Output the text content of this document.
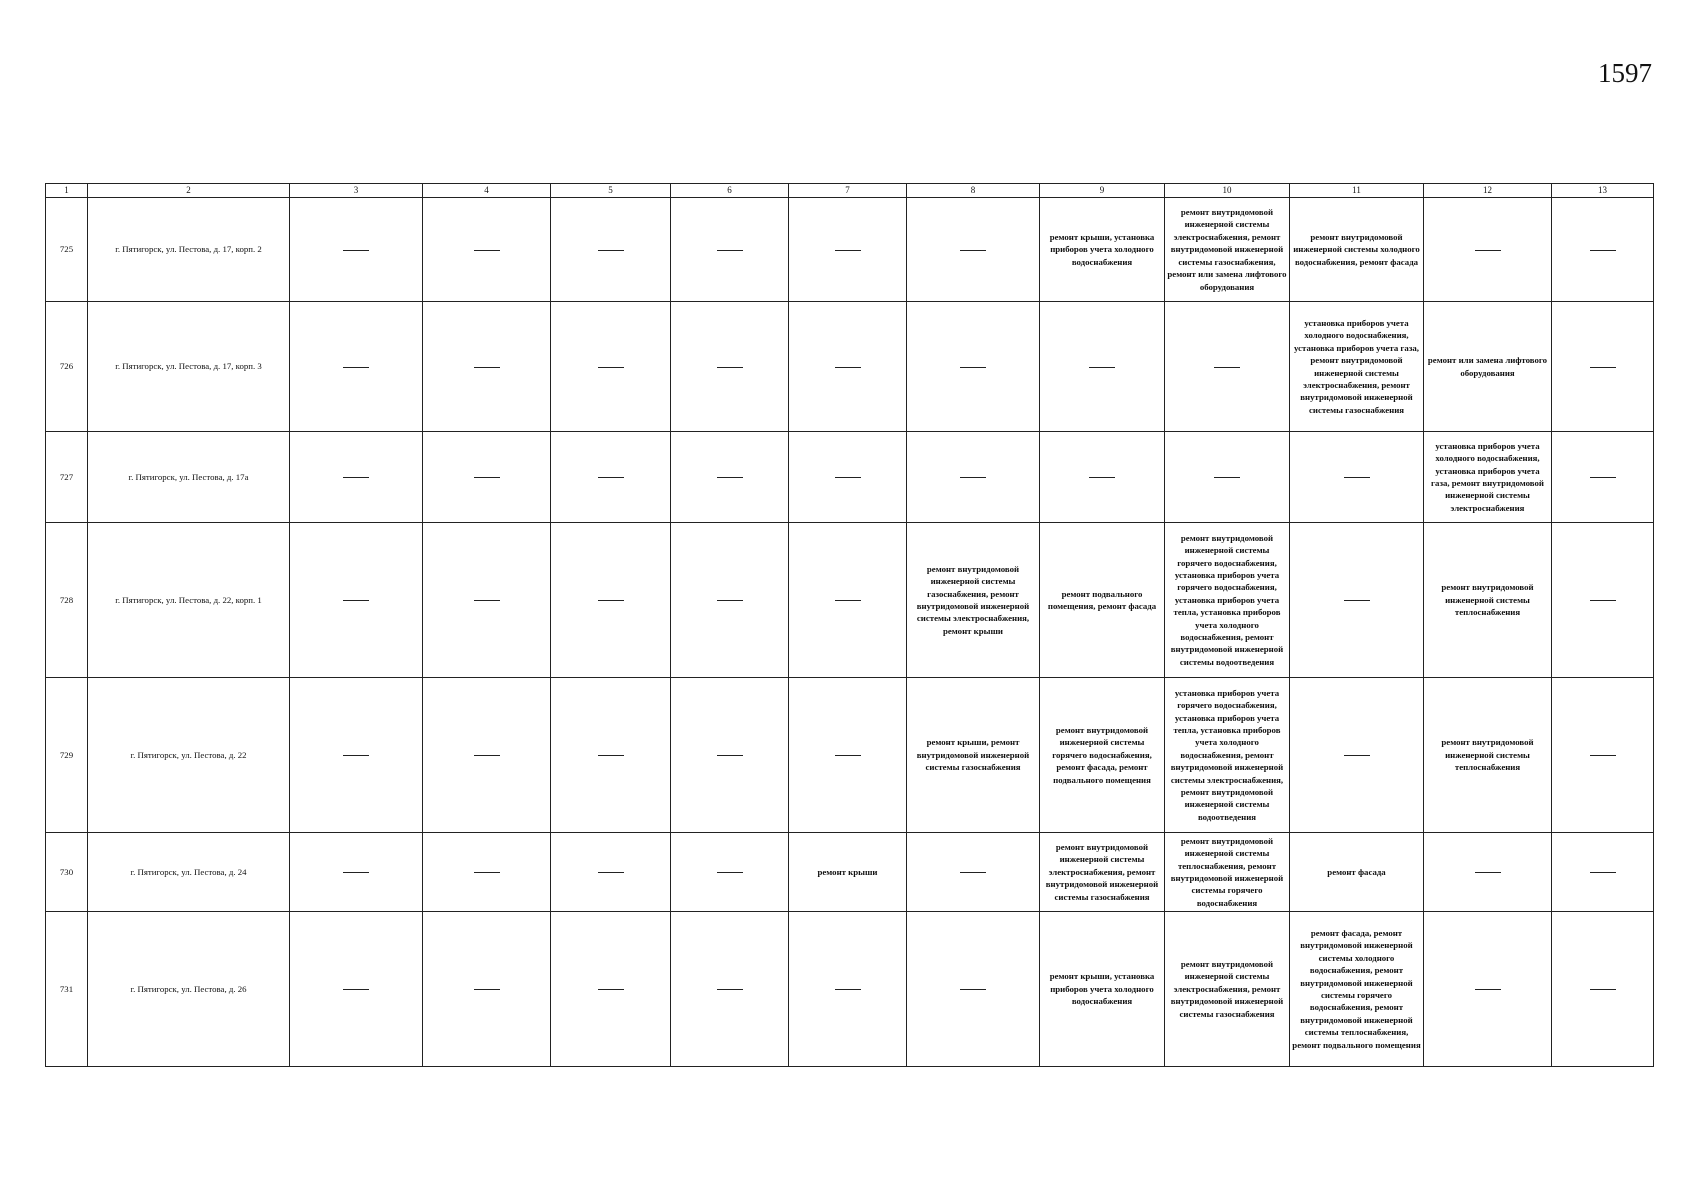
1597
1	2	3	4	5	6	7	8	9	10	11	12	13
725	г. Пятигорск, ул. Пестова, д. 17, корп. 2							ремонт крыши, установка приборов учета холодного водоснабжения	ремонт внутридомовой инженерной системы электроснабжения, ремонт внутридомовой инженерной системы газоснабжения, ремонт или замена лифтового оборудования	ремонт внутридомовой инженерной системы холодного водоснабжения, ремонт фасада		

726	г. Пятигорск, ул. Пестова, д. 17, корп. 3									установка приборов учета холодного водоснабжения, установка приборов учета газа, ремонт внутридомовой инженерной системы электроснабжения, ремонт внутридомовой инженерной системы газоснабжения	ремонт или замена лифтового оборудования	

727	г. Пятигорск, ул. Пестова, д. 17а										установка приборов учета холодного водоснабжения, установка приборов учета газа, ремонт внутридомовой инженерной системы электроснабжения	

728	г. Пятигорск, ул. Пестова, д. 22, корп. 1						ремонт внутридомовой инженерной системы газоснабжения, ремонт внутридомовой инженерной системы электроснабжения, ремонт крыши	ремонт подвального помещения, ремонт фасада	ремонт внутридомовой инженерной системы горячего водоснабжения, установка приборов учета горячего водоснабжения, установка приборов учета тепла, установка приборов учета холодного водоснабжения, ремонт внутридомовой инженерной системы водоотведения		ремонт внутридомовой инженерной системы теплоснабжения	

729	г. Пятигорск, ул. Пестова, д. 22						ремонт крыши, ремонт внутридомовой инженерной системы газоснабжения	ремонт внутридомовой инженерной системы горячего водоснабжения, ремонт фасада, ремонт подвального помещения	установка приборов учета горячего водоснабжения, установка приборов учета тепла, установка приборов учета холодного водоснабжения, ремонт внутридомовой инженерной системы электроснабжения, ремонт внутридомовой инженерной системы водоотведения		ремонт внутридомовой инженерной системы теплоснабжения	

730	г. Пятигорск, ул. Пестова, д. 24					ремонт крыши		ремонт внутридомовой инженерной системы электроснабжения, ремонт внутридомовой инженерной системы газоснабжения	ремонт внутридомовой инженерной системы теплоснабжения, ремонт внутридомовой инженерной системы горячего водоснабжения	ремонт фасада		

731	г. Пятигорск, ул. Пестова, д. 26							ремонт крыши, установка приборов учета холодного водоснабжения	ремонт внутридомовой инженерной системы электроснабжения, ремонт внутридомовой инженерной системы газоснабжения	ремонт фасада, ремонт внутридомовой инженерной системы холодного водоснабжения, ремонт внутридомовой инженерной системы горячего водоснабжения, ремонт внутридомовой инженерной системы теплоснабжения, ремонт подвального помещения		
